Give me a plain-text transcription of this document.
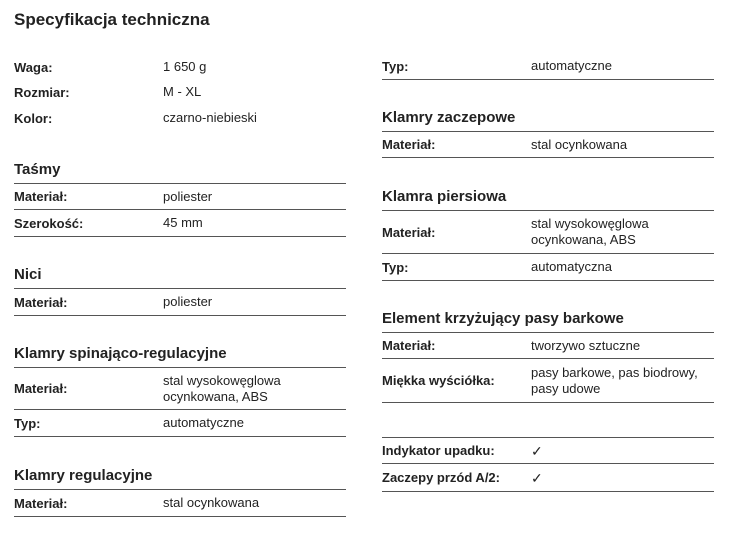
Specyfikacja techniczna
Waga:	1 650 g
Rozmiar:	M - XL
Kolor:	czarno-niebieski
Taśmy
Materiał:	poliester
Szerokość:	45 mm
Nici
Materiał:	poliester
Klamry spinająco-regulacyjne
Materiał:
stal wysokowęglowa ocynkowana, ABS
Typ:	automatyczne
Klamry regulacyjne
Materiał:	stal ocynkowana
Typ:	automatyczne
Klamry zaczepowe
Materiał:	stal ocynkowana
Klamra piersiowa
Materiał:
stal wysokowęglowa ocynkowana, ABS
Typ:	automatyczna
Element krzyżujący pasy barkowe
Materiał:	tworzywo sztuczne
Miękka wyściółka:
pasy barkowe, pas biodrowy, pasy udowe
Indykator upadku:	✓
Zaczepy przód A/2:	✓
